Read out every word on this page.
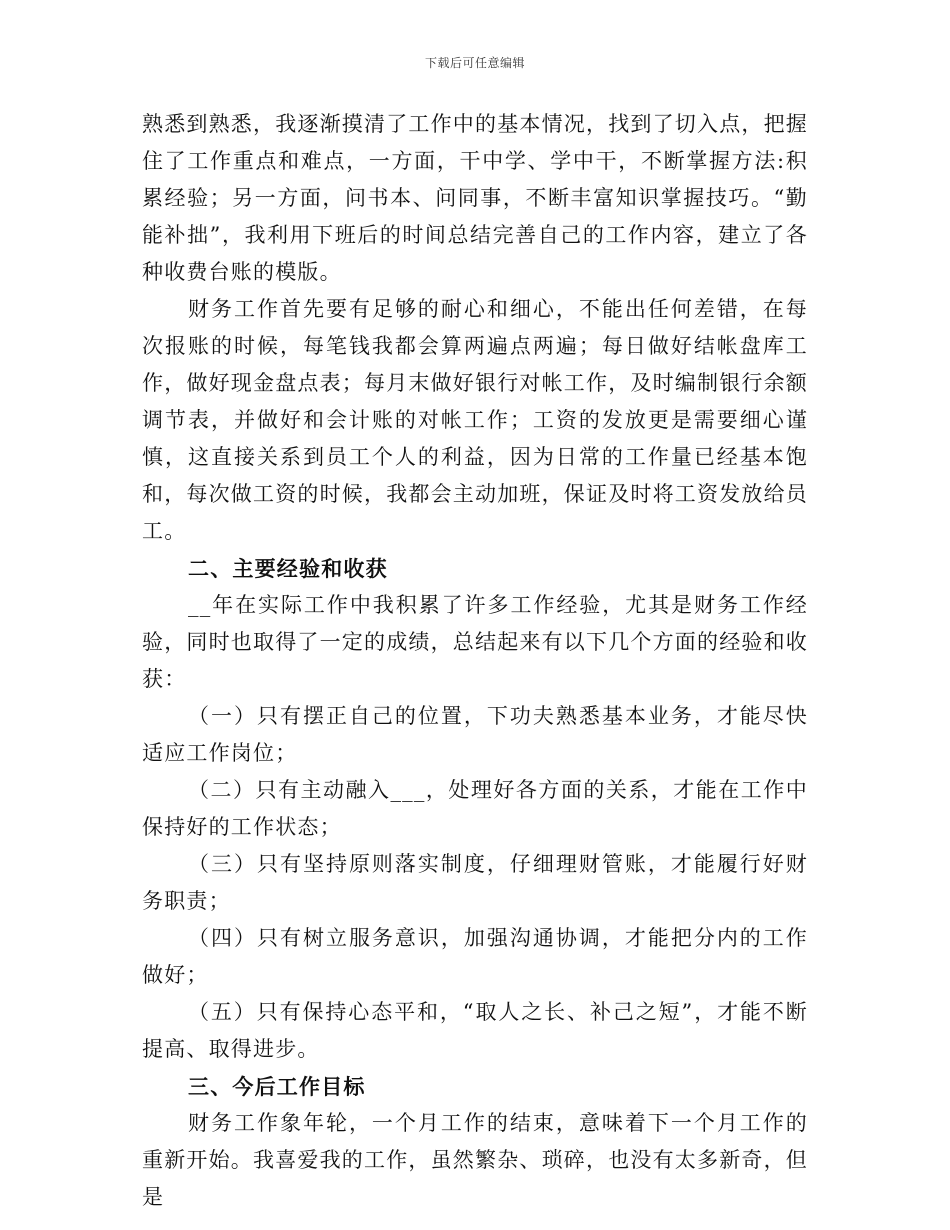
下载后可任意编辑

熟悉到熟悉，我逐渐摸清了工作中的基本情况，找到了切入点，把握住了工作重点和难点，一方面，干中学、学中干，不断掌握方法:积累经验；另一方面，问书本、问同事，不断丰富知识掌握技巧。“勤能补拙”，我利用下班后的时间总结完善自己的工作内容，建立了各种收费台账的模版。

财务工作首先要有足够的耐心和细心，不能出任何差错，在每次报账的时候，每笔钱我都会算两遍点两遍；每日做好结帐盘库工作，做好现金盘点表；每月末做好银行对帐工作，及时编制银行余额调节表，并做好和会计账的对帐工作；工资的发放更是需要细心谨慎，这直接关系到员工个人的利益，因为日常的工作量已经基本饱和，每次做工资的时候，我都会主动加班，保证及时将工资发放给员工。

二、主要经验和收获

__年在实际工作中我积累了许多工作经验，尤其是财务工作经验，同时也取得了一定的成绩，总结起来有以下几个方面的经验和收获：

（一）只有摆正自己的位置，下功夫熟悉基本业务，才能尽快适应工作岗位；

（二）只有主动融入___，处理好各方面的关系，才能在工作中保持好的工作状态；

（三）只有坚持原则落实制度，仔细理财管账，才能履行好财务职责；

（四）只有树立服务意识，加强沟通协调，才能把分内的工作做好；

（五）只有保持心态平和，“取人之长、补己之短”，才能不断提高、取得进步。

三、今后工作目标

财务工作象年轮，一个月工作的结束，意味着下一个月工作的重新开始。我喜爱我的工作，虽然繁杂、琐碎，也没有太多新奇，但是
